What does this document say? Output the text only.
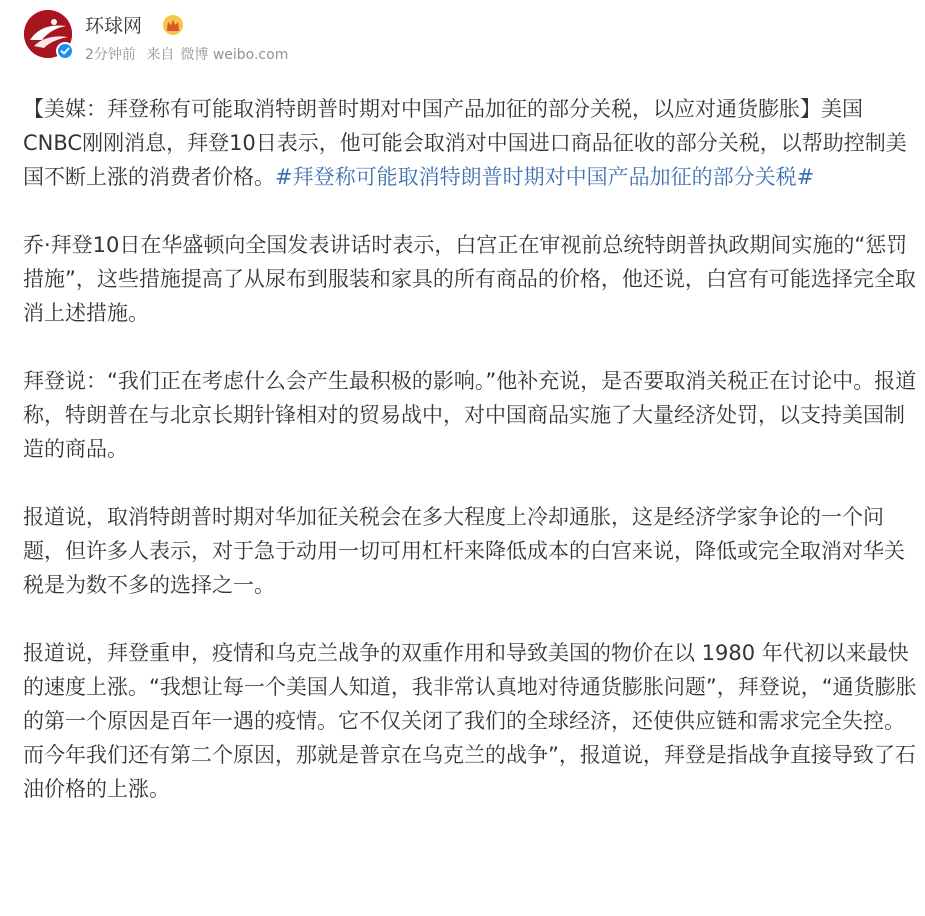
环球网
2分钟前 来自 微博 weibo.com

【美媒：拜登称有可能取消特朗普时期对中国产品加征的部分关税，以应对通货膨胀】美国CNBC刚刚消息，拜登10日表示，他可能会取消对中国进口商品征收的部分关税，以帮助控制美国不断上涨的消费者价格。#拜登称可能取消特朗普时期对中国产品加征的部分关税#

乔·拜登10日在华盛顿向全国发表讲话时表示，白宫正在审视前总统特朗普执政期间实施的“惩罚措施”，这些措施提高了从尿布到服装和家具的所有商品的价格，他还说，白宫有可能选择完全取消上述措施。

拜登说：“我们正在考虑什么会产生最积极的影响。”他补充说，是否要取消关税正在讨论中。报道称，特朗普在与北京长期针锋相对的贸易战中，对中国商品实施了大量经济处罚，以支持美国制造的商品。

报道说，取消特朗普时期对华加征关税会在多大程度上冷却通胀，这是经济学家争论的一个问题，但许多人表示，对于急于动用一切可用杠杆来降低成本的白宫来说，降低或完全取消对华关税是为数不多的选择之一。

报道说，拜登重申，疫情和乌克兰战争的双重作用和导致美国的物价在以 1980 年代初以来最快的速度上涨。“我想让每一个美国人知道，我非常认真地对待通货膨胀问题”，拜登说，“通货膨胀的第一个原因是百年一遇的疫情。它不仅关闭了我们的全球经济，还使供应链和需求完全失控。而今年我们还有第二个原因，那就是普京在乌克兰的战争”，报道说，拜登是指战争直接导致了石油价格的上涨。
